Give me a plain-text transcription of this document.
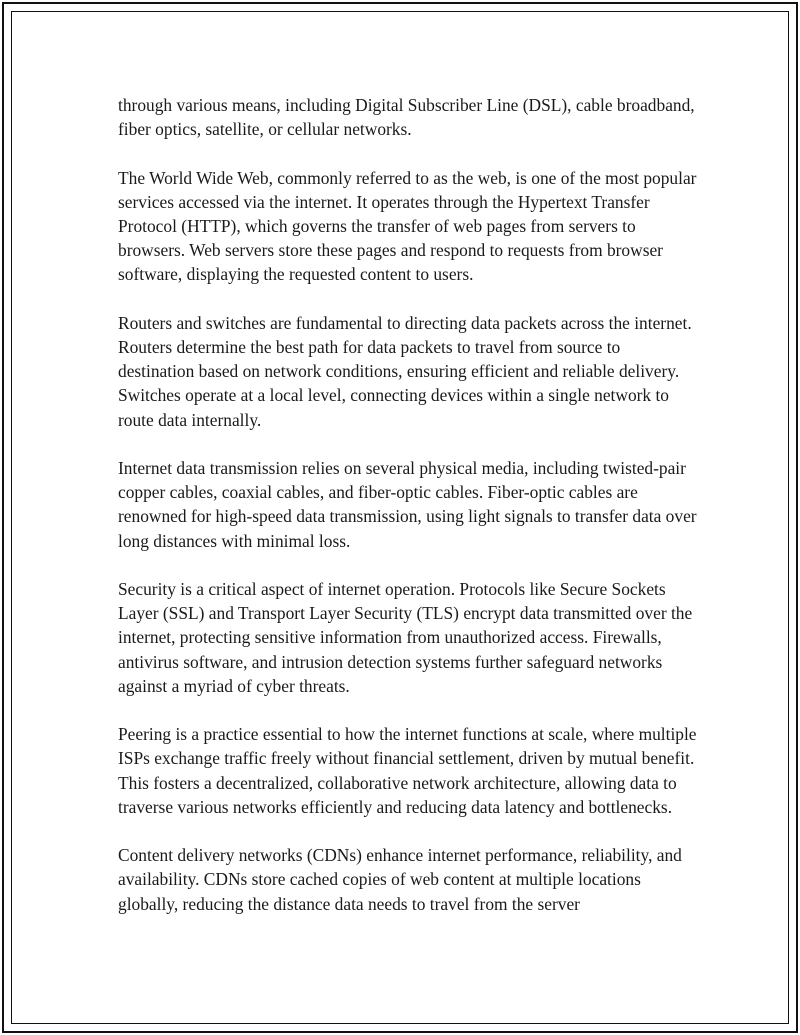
through various means, including Digital Subscriber Line (DSL), cable broadband, fiber optics, satellite, or cellular networks.

The World Wide Web, commonly referred to as the web, is one of the most popular services accessed via the internet. It operates through the Hypertext Transfer Protocol (HTTP), which governs the transfer of web pages from servers to browsers. Web servers store these pages and respond to requests from browser software, displaying the requested content to users.

Routers and switches are fundamental to directing data packets across the internet. Routers determine the best path for data packets to travel from source to destination based on network conditions, ensuring efficient and reliable delivery. Switches operate at a local level, connecting devices within a single network to route data internally.

Internet data transmission relies on several physical media, including twisted-pair copper cables, coaxial cables, and fiber-optic cables. Fiber-optic cables are renowned for high-speed data transmission, using light signals to transfer data over long distances with minimal loss.

Security is a critical aspect of internet operation. Protocols like Secure Sockets Layer (SSL) and Transport Layer Security (TLS) encrypt data transmitted over the internet, protecting sensitive information from unauthorized access. Firewalls, antivirus software, and intrusion detection systems further safeguard networks against a myriad of cyber threats.

Peering is a practice essential to how the internet functions at scale, where multiple ISPs exchange traffic freely without financial settlement, driven by mutual benefit. This fosters a decentralized, collaborative network architecture, allowing data to traverse various networks efficiently and reducing data latency and bottlenecks.

Content delivery networks (CDNs) enhance internet performance, reliability, and availability. CDNs store cached copies of web content at multiple locations globally, reducing the distance data needs to travel from the server
